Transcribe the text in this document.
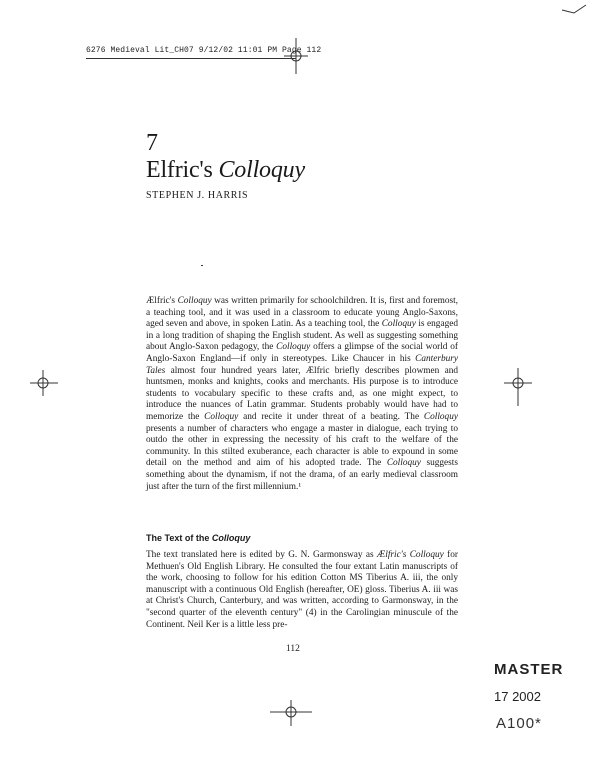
6276 Medieval Lit_CH07 9/12/02 11:01 PM Page 112
7
Elfric's Colloquy
STEPHEN J. HARRIS
Ælfric's Colloquy was written primarily for schoolchildren. It is, first and foremost, a teaching tool, and it was used in a classroom to educate young Anglo-Saxons, aged seven and above, in spoken Latin. As a teaching tool, the Colloquy is engaged in a long tradition of shaping the English student. As well as suggesting something about Anglo-Saxon pedagogy, the Colloquy offers a glimpse of the social world of Anglo-Saxon England—if only in stereotypes. Like Chaucer in his Canterbury Tales almost four hundred years later, Ælfric briefly describes plowmen and huntsmen, monks and knights, cooks and merchants. His purpose is to introduce students to vocabulary specific to these crafts and, as one might expect, to introduce the nuances of Latin grammar. Students probably would have had to memorize the Colloquy and recite it under threat of a beating. The Colloquy presents a number of characters who engage a master in dialogue, each trying to outdo the other in expressing the necessity of his craft to the welfare of the community. In this stilted exuberance, each character is able to expound in some detail on the method and aim of his adopted trade. The Colloquy suggests something about the dynamism, if not the drama, of an early medieval classroom just after the turn of the first millennium.¹
The Text of the Colloquy
The text translated here is edited by G. N. Garmonsway as Ælfric's Colloquy for Methuen's Old English Library. He consulted the four extant Latin manuscripts of the work, choosing to follow for his edition Cotton MS Tiberius A. iii, the only manuscript with a continuous Old English (hereafter, OE) gloss. Tiberius A. iii was at Christ's Church, Canterbury, and was written, according to Garmonsway, in the "second quarter of the eleventh century" (4) in the Carolingian minuscule of the Continent. Neil Ker is a little less pre-
112
MASTER
17 2002
A100*
